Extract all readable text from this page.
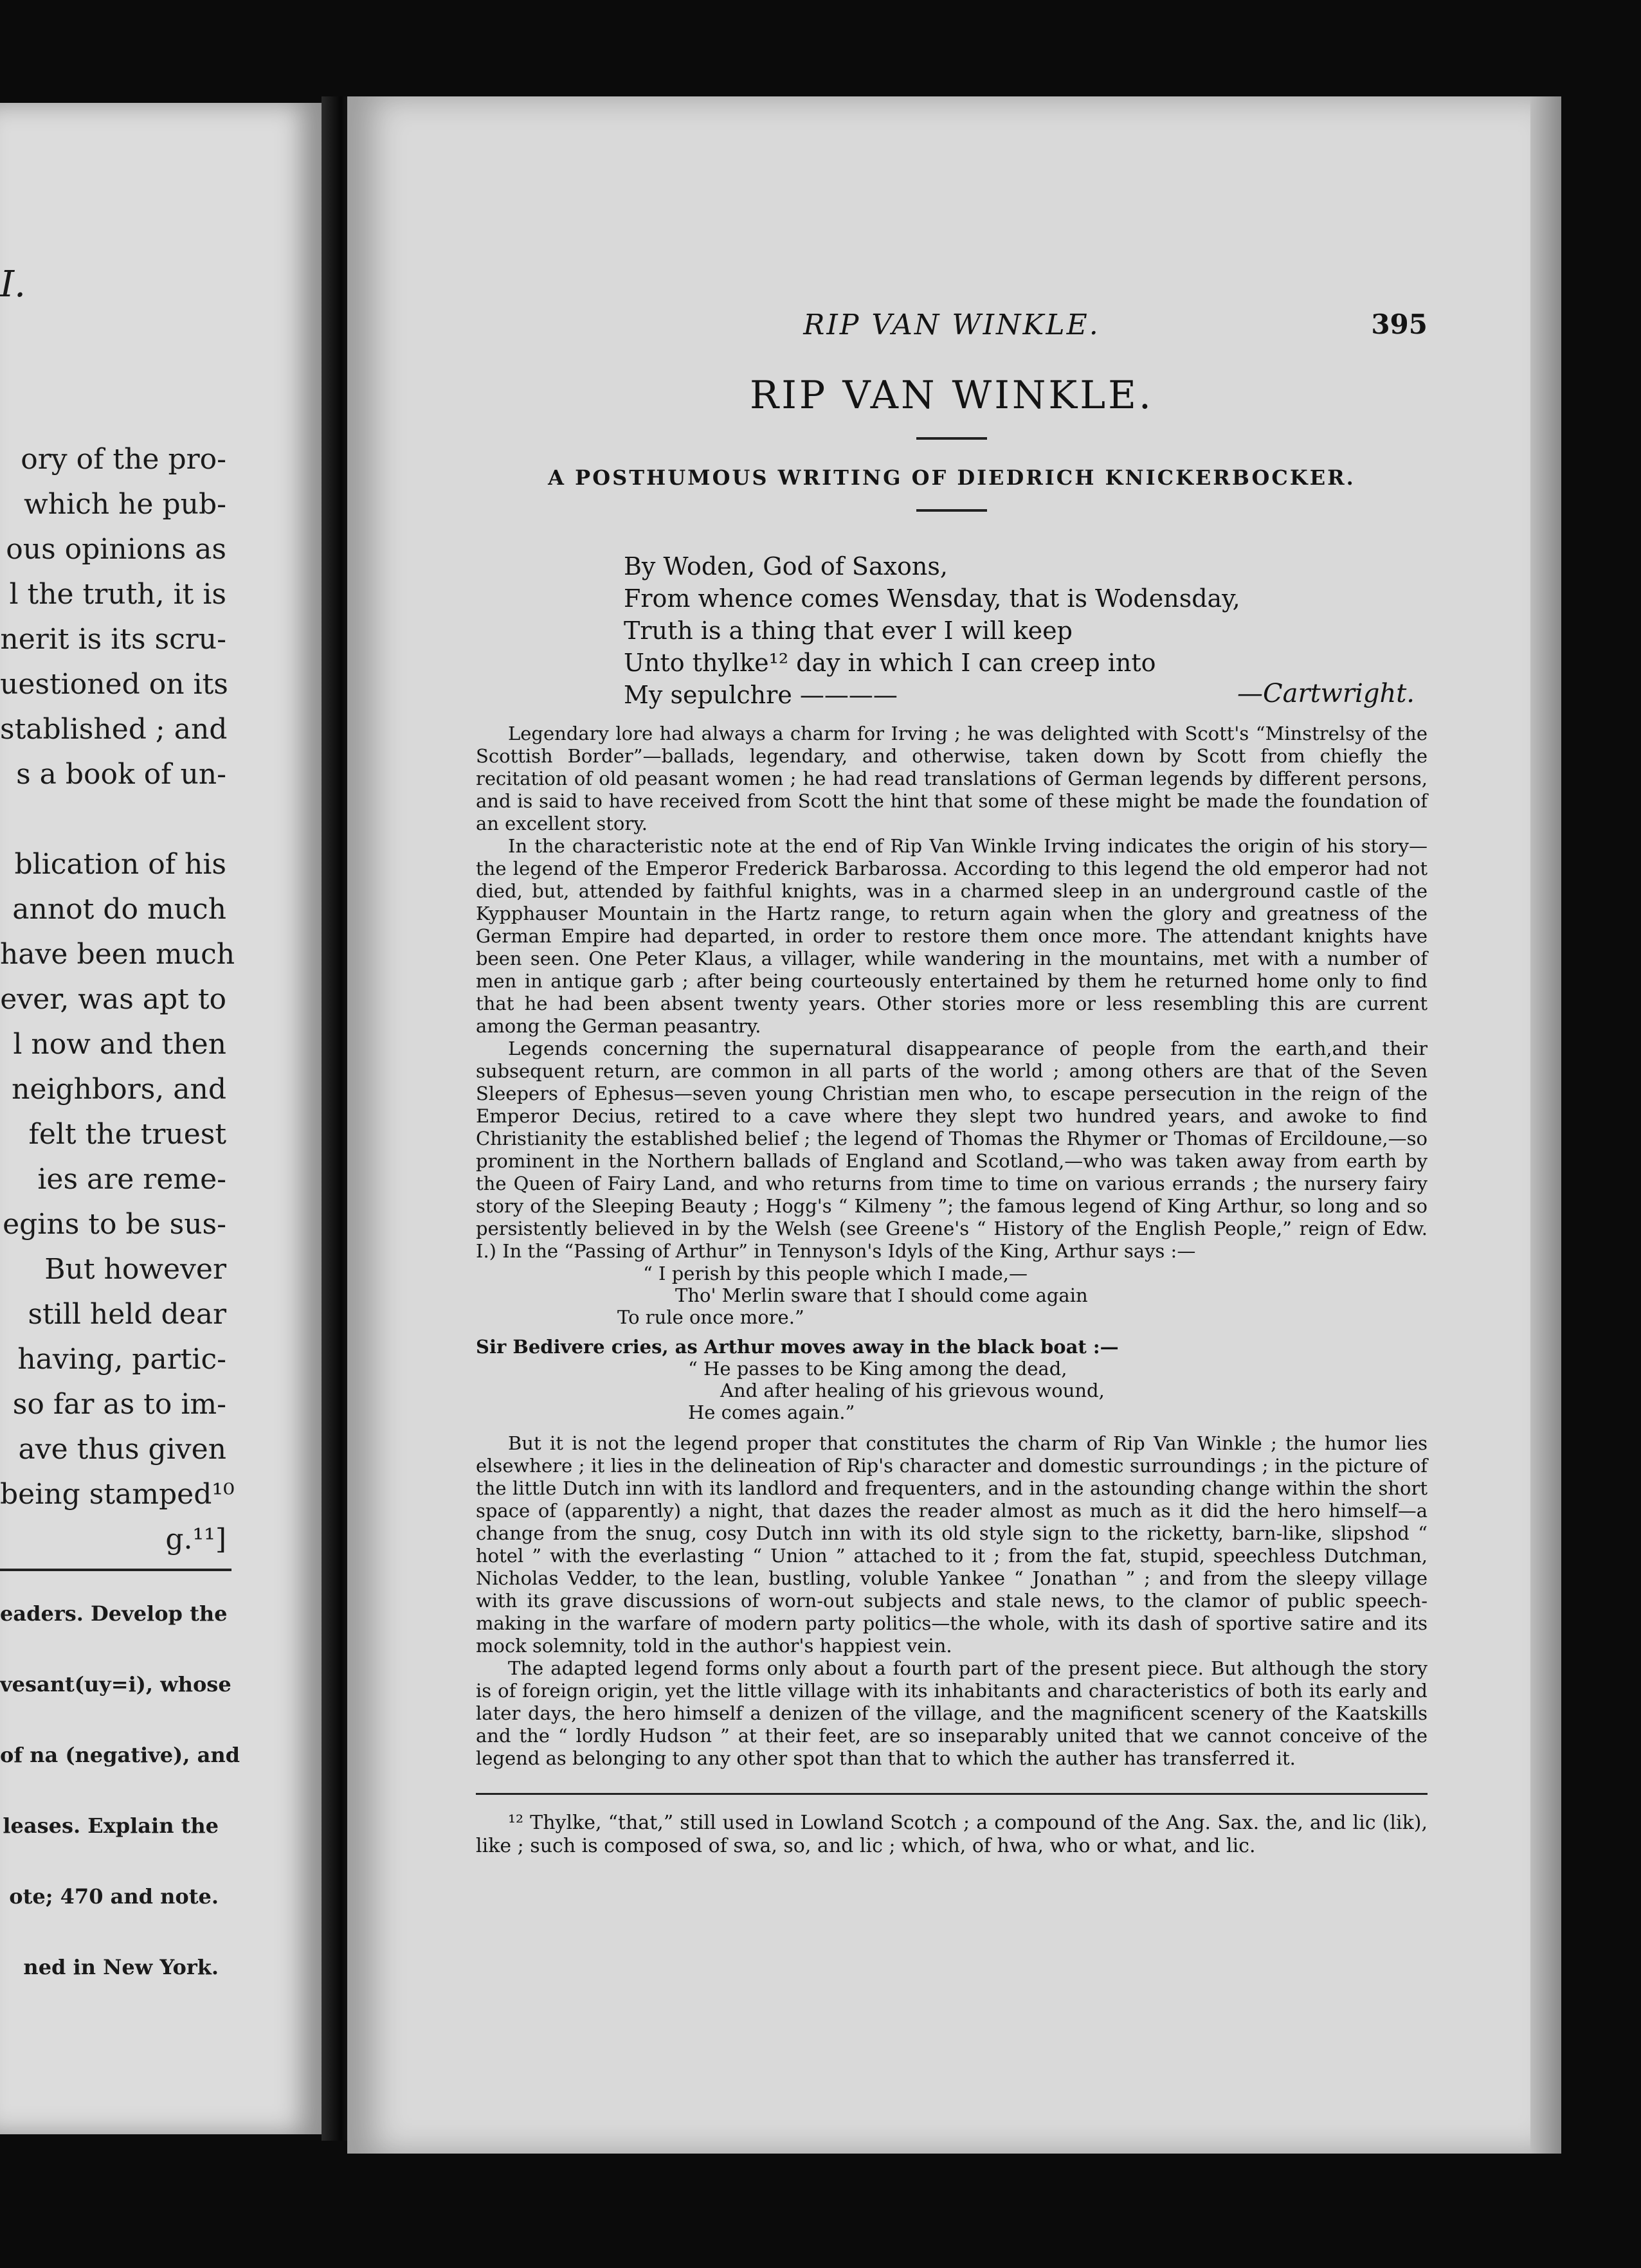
I.
ory of the pro-
which he pub-
ous opinions as
l the truth, it is
nerit is its scru-
uestioned on its
stablished ; and
s a book of un-
blication of his
annot do much
have been much
ever, was apt to
l now and then
neighbors, and
felt the truest
ies are reme-
egins to be sus-
But however
still held dear
having, partic-
so far as to im-
ave thus given
being stamped¹⁰
g.¹¹]
eaders. Develop the
vesant(uy=i), whose
of na (negative), and
leases. Explain the
ote; 470 and note.
ned in New York.
RIP VAN WINKLE.	395
RIP VAN WINKLE.
A POSTHUMOUS WRITING OF DIEDRICH KNICKERBOCKER.
By Woden, God of Saxons,
From whence comes Wensday, that is Wodensday,
Truth is a thing that ever I will keep
Unto thylke¹² day in which I can creep into
My sepulchre ————	—Cartwright.

Legendary lore had always a charm for Irving ; he was delighted with Scott's “Minstrelsy of the Scottish Border”—ballads, legendary, and otherwise, taken down by Scott from chiefly the recitation of old peasant women ; he had read translations of German legends by different persons, and is said to have received from Scott the hint that some of these might be made the foundation of an excellent story.

In the characteristic note at the end of Rip Van Winkle Irving indicates the origin of his story—the legend of the Emperor Frederick Barbarossa. According to this legend the old emperor had not died, but, attended by faithful knights, was in a charmed sleep in an underground castle of the Kypphauser Mountain in the Hartz range, to return again when the glory and greatness of the German Empire had departed, in order to restore them once more. The attendant knights have been seen. One Peter Klaus, a villager, while wandering in the mountains, met with a number of men in antique garb ; after being courteously entertained by them he returned home only to find that he had been absent twenty years. Other stories more or less resembling this are current among the German peasantry.

Legends concerning the supernatural disappearance of people from the earth,and their subsequent return, are common in all parts of the world ; among others are that of the Seven Sleepers of Ephesus—seven young Christian men who, to escape persecution in the reign of the Emperor Decius, retired to a cave where they slept two hundred years, and awoke to find Christianity the established belief ; the legend of Thomas the Rhymer or Thomas of Ercildoune,—so prominent in the Northern ballads of England and Scotland,—who was taken away from earth by the Queen of Fairy Land, and who returns from time to time on various errands ; the nursery fairy story of the Sleeping Beauty ; Hogg's “ Kilmeny ”; the famous legend of King Arthur, so long and so persistently believed in by the Welsh (see Greene's “ History of the English People,” reign of Edw. I.) In the “Passing of Arthur” in Tennyson's Idyls of the King, Arthur says :—

“ I perish by this people which I made,—
Tho' Merlin sware that I should come again
To rule once more.”
Sir Bedivere cries, as Arthur moves away in the black boat :—
“ He passes to be King among the dead,
And after healing of his grievous wound,
He comes again.”

But it is not the legend proper that constitutes the charm of Rip Van Winkle ; the humor lies elsewhere ; it lies in the delineation of Rip's character and domestic surroundings ; in the picture of the little Dutch inn with its landlord and frequenters, and in the astounding change within the short space of (apparently) a night, that dazes the reader almost as much as it did the hero himself—a change from the snug, cosy Dutch inn with its old style sign to the ricketty, barn-like, slipshod “ hotel ” with the everlasting “ Union ” attached to it ; from the fat, stupid, speechless Dutchman, Nicholas Vedder, to the lean, bustling, voluble Yankee “ Jonathan ” ; and from the sleepy village with its grave discussions of worn-out subjects and stale news, to the clamor of public speech-making in the warfare of modern party politics—the whole, with its dash of sportive satire and its mock solemnity, told in the author's happiest vein.

The adapted legend forms only about a fourth part of the present piece. But although the story is of foreign origin, yet the little village with its inhabitants and characteristics of both its early and later days, the hero himself a denizen of the village, and the magnificent scenery of the Kaatskills and the “ lordly Hudson ” at their feet, are so inseparably united that we cannot conceive of the legend as belonging to any other spot than that to which the auther has transferred it.

¹² Thylke, “that,” still used in Lowland Scotch ; a compound of the Ang. Sax. the, and lic (lik), like ; such is composed of swa, so, and lic ; which, of hwa, who or what, and lic.
